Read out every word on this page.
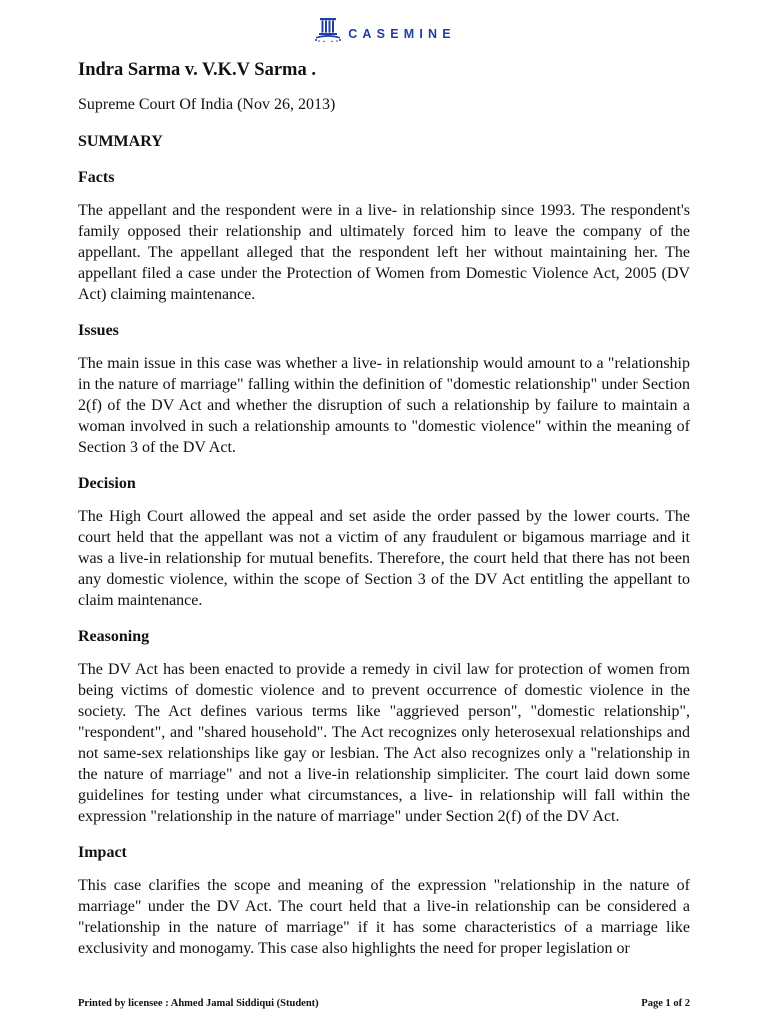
CASEMINE
Indra Sarma v. V.K.V Sarma .

Supreme Court Of India (Nov 26, 2013)

SUMMARY

Facts

The appellant and the respondent were in a live- in relationship since 1993. The respondent's family opposed their relationship and ultimately forced him to leave the company of the appellant. The appellant alleged that the respondent left her without maintaining her. The appellant filed a case under the Protection of Women from Domestic Violence Act, 2005 (DV Act) claiming maintenance.

Issues

The main issue in this case was whether a live- in relationship would amount to a "relationship in the nature of marriage" falling within the definition of "domestic relationship" under Section 2(f) of the DV Act and whether the disruption of such a relationship by failure to maintain a woman involved in such a relationship amounts to "domestic violence" within the meaning of Section 3 of the DV Act.

Decision

The High Court allowed the appeal and set aside the order passed by the lower courts. The court held that the appellant was not a victim of any fraudulent or bigamous marriage and it was a live-in relationship for mutual benefits. Therefore, the court held that there has not been any domestic violence, within the scope of Section 3 of the DV Act entitling the appellant to claim maintenance.

Reasoning

The DV Act has been enacted to provide a remedy in civil law for protection of women from being victims of domestic violence and to prevent occurrence of domestic violence in the society. The Act defines various terms like "aggrieved person", "domestic relationship", "respondent", and "shared household". The Act recognizes only heterosexual relationships and not same-sex relationships like gay or lesbian. The Act also recognizes only a "relationship in the nature of marriage" and not a live-in relationship simpliciter. The court laid down some guidelines for testing under what circumstances, a live- in relationship will fall within the expression "relationship in the nature of marriage" under Section 2(f) of the DV Act.

Impact

This case clarifies the scope and meaning of the expression "relationship in the nature of marriage" under the DV Act. The court held that a live-in relationship can be considered a "relationship in the nature of marriage" if it has some characteristics of a marriage like exclusivity and monogamy. This case also highlights the need for proper legislation or

Printed by licensee : Ahmed Jamal Siddiqui (Student)	Page 1 of 2
